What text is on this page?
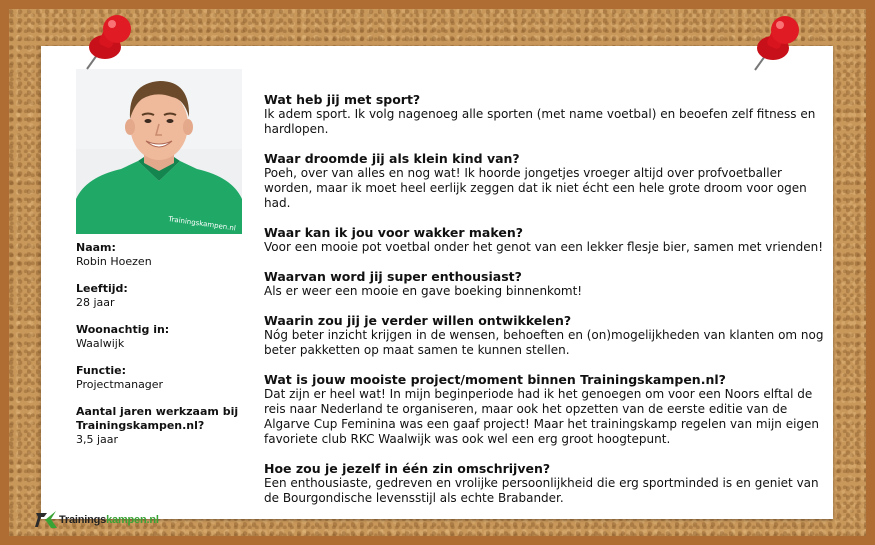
Trainingskampen.nl
Naam:
Robin Hoezen
Leeftijd:
28 jaar
Woonachtig in:
Waalwijk
Functie:
Projectmanager
Aantal jaren werkzaam bij Trainingskampen.nl?
3,5 jaar

Wat heb jij met sport?

Ik adem sport. Ik volg nagenoeg alle sporten (met name voetbal) en beoefen zelf fitness en hardlopen.

Waar droomde jij als klein kind van?

Poeh, over van alles en nog wat! Ik hoorde jongetjes vroeger altijd over profvoetballer worden, maar ik moet heel eerlijk zeggen dat ik niet écht een hele grote droom voor ogen had.

Waar kan ik jou voor wakker maken?

Voor een mooie pot voetbal onder het genot van een lekker flesje bier, samen met vrienden!

Waarvan word jij super enthousiast?

Als er weer een mooie en gave boeking binnenkomt!

Waarin zou jij je verder willen ontwikkelen?

Nóg beter inzicht krijgen in de wensen, behoeften en (on)mogelijkheden van klanten om nog beter pakketten op maat samen te kunnen stellen.

Wat is jouw mooiste project/moment binnen Trainingskampen.nl?

Dat zijn er heel wat! In mijn beginperiode had ik het genoegen om voor een Noors elftal de reis naar Nederland te organiseren, maar ook het opzetten van de eerste editie van de Algarve Cup Feminina was een gaaf project! Maar het trainingskamp regelen van mijn eigen favoriete club RKC Waalwijk was ook wel een erg groot hoogtepunt.

Hoe zou je jezelf in één zin omschrijven?

Een enthousiaste, gedreven en vrolijke persoonlijkheid die erg sportminded is en geniet van de Bourgondische levensstijl als echte Brabander.

Trainingskampen.nl
